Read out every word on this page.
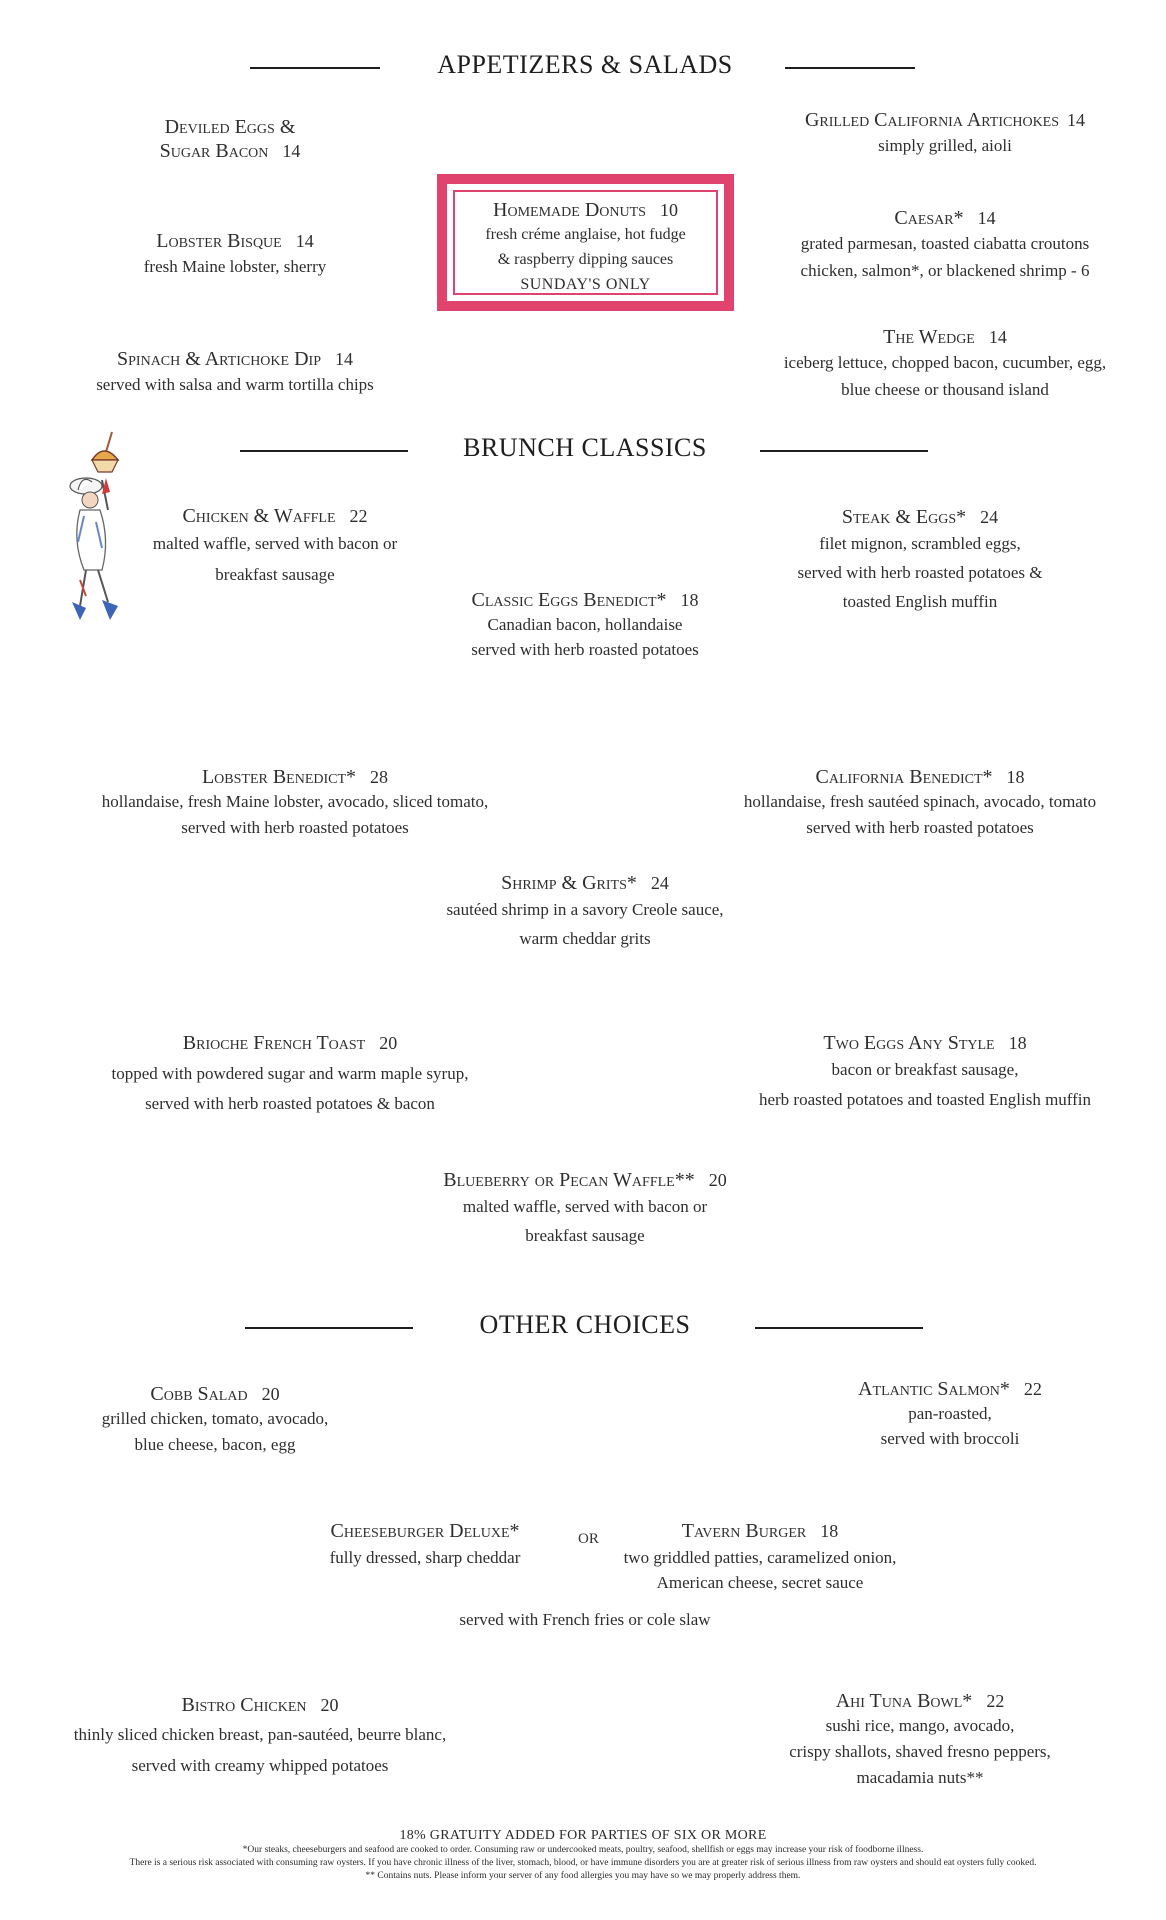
APPETIZERS & SALADS
Deviled Eggs &
Sugar Bacon 14
Lobster Bisque 14
fresh Maine lobster, sherry
Spinach & Artichoke Dip 14
served with salsa and warm tortilla chips
Homemade Donuts 10
fresh créme anglaise, hot fudge
& raspberry dipping sauces
SUNDAY'S ONLY
Grilled California Artichokes 14
simply grilled, aioli
Caesar* 14
grated parmesan, toasted ciabatta croutons
chicken, salmon*, or blackened shrimp - 6
The Wedge 14
iceberg lettuce, chopped bacon, cucumber, egg,
blue cheese or thousand island
BRUNCH CLASSICS
Chicken & Waffle 22
malted waffle, served with bacon or
breakfast sausage
Classic Eggs Benedict* 18
Canadian bacon, hollandaise
served with herb roasted potatoes
Steak & Eggs* 24
filet mignon, scrambled eggs,
served with herb roasted potatoes &
toasted English muffin
Lobster Benedict* 28
hollandaise, fresh Maine lobster, avocado, sliced tomato,
served with herb roasted potatoes
California Benedict* 18
hollandaise, fresh sautéed spinach, avocado, tomato
served with herb roasted potatoes
Shrimp & Grits* 24
sautéed shrimp in a savory Creole sauce,
warm cheddar grits
Brioche French Toast 20
topped with powdered sugar and warm maple syrup,
served with herb roasted potatoes & bacon
Two Eggs Any Style 18
bacon or breakfast sausage,
herb roasted potatoes and toasted English muffin
Blueberry or Pecan Waffle** 20
malted waffle, served with bacon or
breakfast sausage
OTHER CHOICES
Cobb Salad 20
grilled chicken, tomato, avocado,
blue cheese, bacon, egg
Atlantic Salmon* 22
pan-roasted,
served with broccoli
Cheeseburger Deluxe*
fully dressed, sharp cheddar
OR	Tavern Burger 18
two griddled patties, caramelized onion,
American cheese, secret sauce
served with French fries or cole slaw
Bistro Chicken 20
thinly sliced chicken breast, pan-sautéed, beurre blanc,
served with creamy whipped potatoes
Ahi Tuna Bowl* 22
sushi rice, mango, avocado,
crispy shallots, shaved fresno peppers,
macadamia nuts**
18% GRATUITY ADDED FOR PARTIES OF SIX OR MORE
*Our steaks, cheeseburgers and seafood are cooked to order. Consuming raw or undercooked meats, poultry, seafood, shellfish or eggs may increase your risk of foodborne illness.
There is a serious risk associated with consuming raw oysters. If you have chronic illness of the liver, stomach, blood, or have immune disorders you are at greater risk of serious illness from raw oysters and should eat oysters fully cooked.
** Contains nuts. Please inform your server of any food allergies you may have so we may properly address them.
